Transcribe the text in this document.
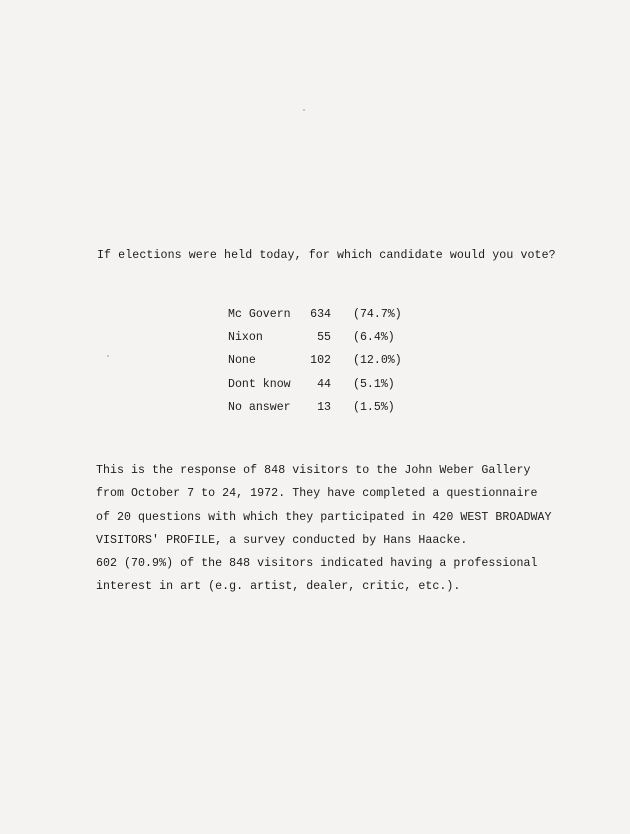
If elections were held today, for which candidate would you vote?
Mc Govern	634 (74.7%)
Nixon	55 (6.4%)
None	102 (12.0%)
Dont know	44 (5.1%)
No answer	13 (1.5%)
This is the response of 848 visitors to the John Weber Gallery
from October 7 to 24, 1972. They have completed a questionnaire
of 20 questions with which they participated in 420 WEST BROADWAY
VISITORS' PROFILE, a survey conducted by Hans Haacke.
602 (70.9%) of the 848 visitors indicated having a professional
interest in art (e.g. artist, dealer, critic, etc.).
